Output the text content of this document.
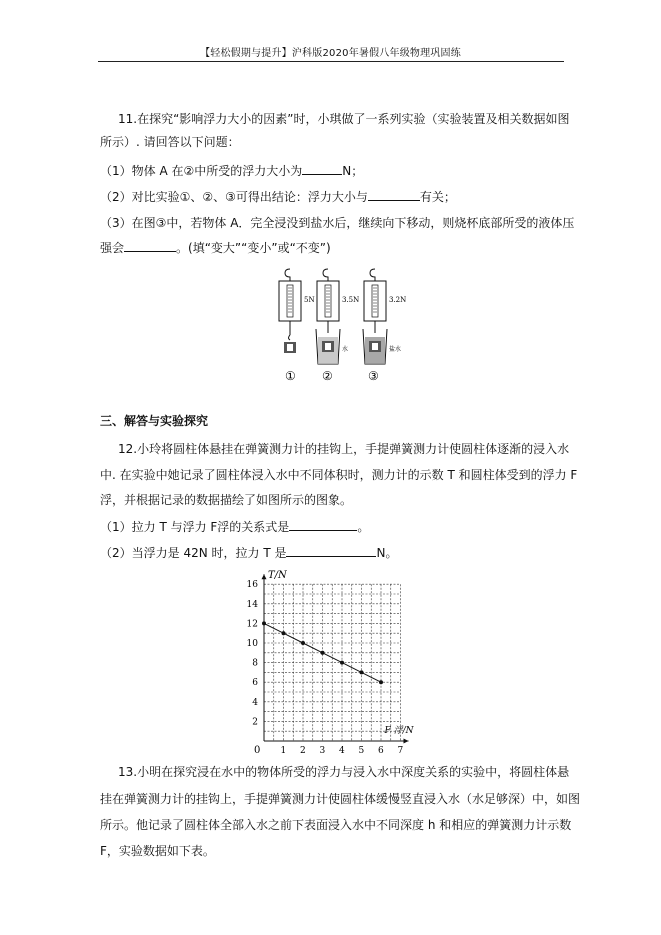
【轻松假期与提升】沪科版2020年暑假八年级物理巩固练
11.在探究“影响浮力大小的因素”时，小琪做了一系列实验（实验装置及相关数据如图
所示）. 请回答以下问题：
（1）物体 A 在②中所受的浮力大小为	N；
（2）对比实验①、②、③可得出结论：浮力大小与	有关；
（3）在图③中，若物体 A．完全浸没到盐水后，继续向下移动，则烧杯底部所受的液体压
强会	。(填“变大”“变小”或“不变”)
5N	3.5N	3.2N
A	A	A
水	盐水
① ②	③
三、解答与实验探究
12.小玲将圆柱体悬挂在弹簧测力计的挂钩上，手提弹簧测力计使圆柱体逐渐的浸入水
中. 在实验中她记录了圆柱体浸入水中不同体积时，测力计的示数 T 和圆柱体受到的浮力 F
浮，并根据记录的数据描绘了如图所示的图象。
（1）拉力 T 与浮力 F浮的关系式是	。
（2）当浮力是 42N 时，拉力 T 是	N。
T/N
F 浮/N
0 1 2 3 4 5 6 7
2
4
6
8
10
12
14
16
13.小明在探究浸在水中的物体所受的浮力与浸入水中深度关系的实验中，将圆柱体悬
挂在弹簧测力计的挂钩上，手提弹簧测力计使圆柱体缓慢竖直浸入水（水足够深）中，如图
所示。他记录了圆柱体全部入水之前下表面浸入水中不同深度 h 和相应的弹簧测力计示数
F，实验数据如下表。
